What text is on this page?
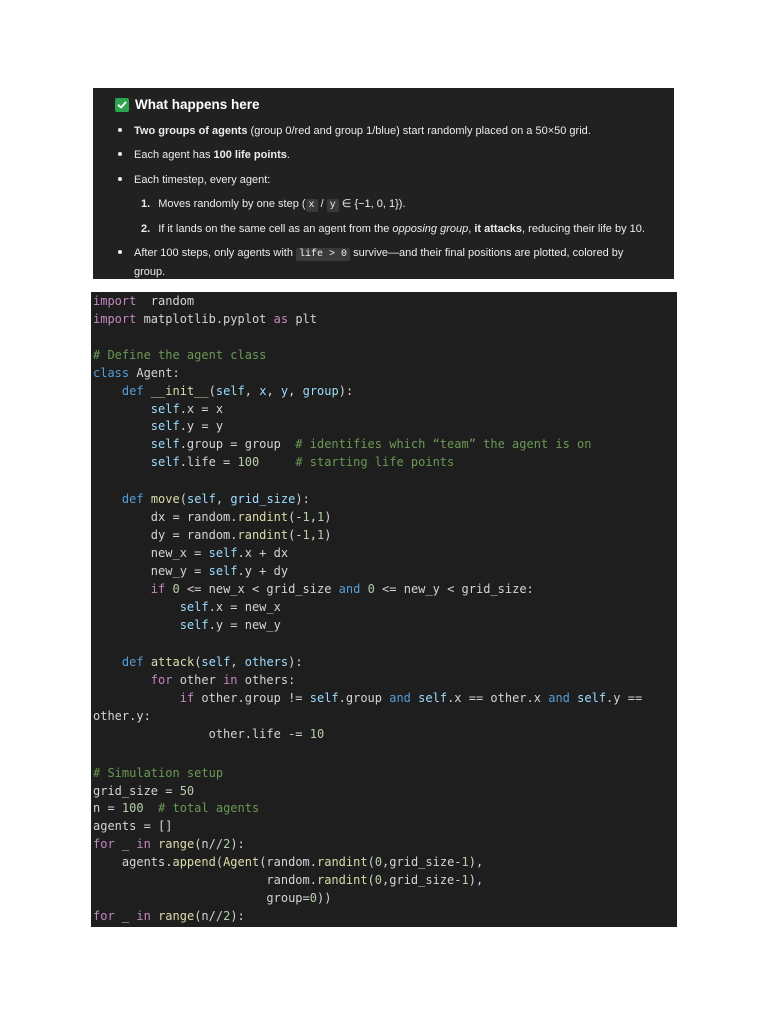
What happens here
Two groups of agents (group 0/red and group 1/blue) start randomly placed on a 50×50 grid.
Each agent has 100 life points.
Each timestep, every agent:
1. Moves randomly by one step ( x / y ∈ {−1, 0, 1}).
2. If it lands on the same cell as an agent from the opposing group, it attacks, reducing their life by 10.
After 100 steps, only agents with life > 0 survive—and their final positions are plotted, colored by
group.
import  random
import matplotlib.pyplot as plt
# Define the agent class
class Agent:
def __init__(self, x, y, group):
self.x = x
self.y = y
self.group = group  # identifies which “team” the agent is on
self.life = 100	# starting life points
def move(self, grid_size):
dx = random.randint(-1,1)
dy = random.randint(-1,1)
new_x = self.x + dx
new_y = self.y + dy
if 0 <= new_x < grid_size and 0 <= new_y < grid_size:
self.x = new_x
self.y = new_y
def attack(self, others):
for other in others:
if other.group != self.group and self.x == other.x and self.y ==
other.y:
other.life -= 10
# Simulation setup
grid_size = 50
n = 100 # total agents
agents = []
for _ in range(n//2):
agents.append(Agent(random.randint(0,grid_size-1),
random.randint(0,grid_size-1),
group=0))
for _ in range(n//2):
